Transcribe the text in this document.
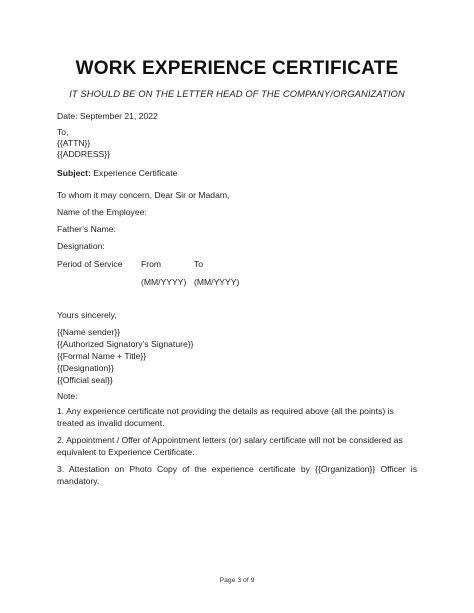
WORK EXPERIENCE CERTIFICATE
IT SHOULD BE ON THE LETTER HEAD OF THE COMPANY/ORGANIZATION
Date: September 21, 2022
To,
{{ATTN}}
{{ADDRESS}}
Subject: Experience Certificate
To whom it may concern, Dear Sir or Madam,
Name of the Employee:
Father’s Name:
Designation:
Period of Service From	To
(MM/YYYY) (MM/YYYY)
Yours sincerely,
{{Name sender}}
{{Authorized Signatory’s Signature}}
{{Formal Name + Title}}
{{Designation}}
{{Official seal}}
Note:
1. Any experience certificate not providing the details as required above (all the points) is treated as invalid document.
2. Appointment / Offer of Appointment letters (or) salary certificate will not be considered as equivalent to Experience Certificate.
3. Attestation on Photo Copy of the experience certificate by {{Organization}} Officer is mandatory.
Page 3 of 9
